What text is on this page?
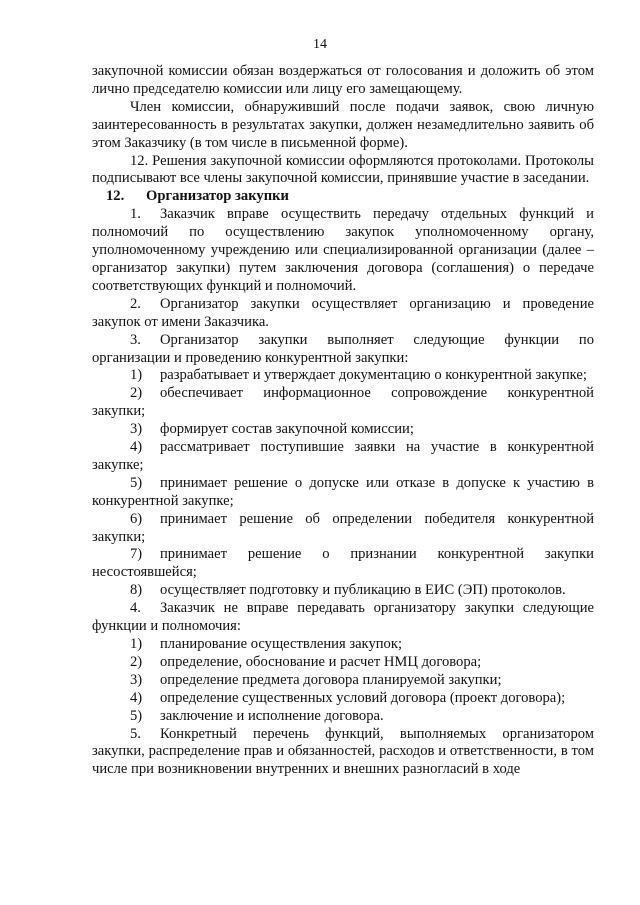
14

закупочной комиссии обязан воздержаться от голосования и доложить об этом лично председателю комиссии или лицу его замещающему.

Член комиссии, обнаруживший после подачи заявок, свою личную заинтересованность в результатах закупки, должен незамедлительно заявить об этом Заказчику (в том числе в письменной форме).

12. Решения закупочной комиссии оформляются протоколами. Протоколы подписывают все члены закупочной комиссии, принявшие участие в заседании.

12. Организатор закупки

1. Заказчик вправе осуществить передачу отдельных функций и полномочий по осуществлению закупок уполномоченному органу, уполномоченному учреждению или специализированной организации (далее – организатор закупки) путем заключения договора (соглашения) о передаче соответствующих функций и полномочий.

2. Организатор закупки осуществляет организацию и проведение закупок от имени Заказчика.

3. Организатор закупки выполняет следующие функции по организации и проведению конкурентной закупки:

1) разрабатывает и утверждает документацию о конкурентной закупке;

2) обеспечивает информационное сопровождение конкурентной закупки;

3) формирует состав закупочной комиссии;

4) рассматривает поступившие заявки на участие в конкурентной закупке;

5) принимает решение о допуске или отказе в допуске к участию в конкурентной закупке;

6) принимает решение об определении победителя конкурентной закупки;

7) принимает решение о признании конкурентной закупки несостоявшейся;

8) осуществляет подготовку и публикацию в ЕИС (ЭП) протоколов.

4. Заказчик не вправе передавать организатору закупки следующие функции и полномочия:

1) планирование осуществления закупок;

2) определение, обоснование и расчет НМЦ договора;

3) определение предмета договора планируемой закупки;

4) определение существенных условий договора (проект договора);

5) заключение и исполнение договора.

5. Конкретный перечень функций, выполняемых организатором закупки, распределение прав и обязанностей, расходов и ответственности, в том числе при возникновении внутренних и внешних разногласий в ходе
